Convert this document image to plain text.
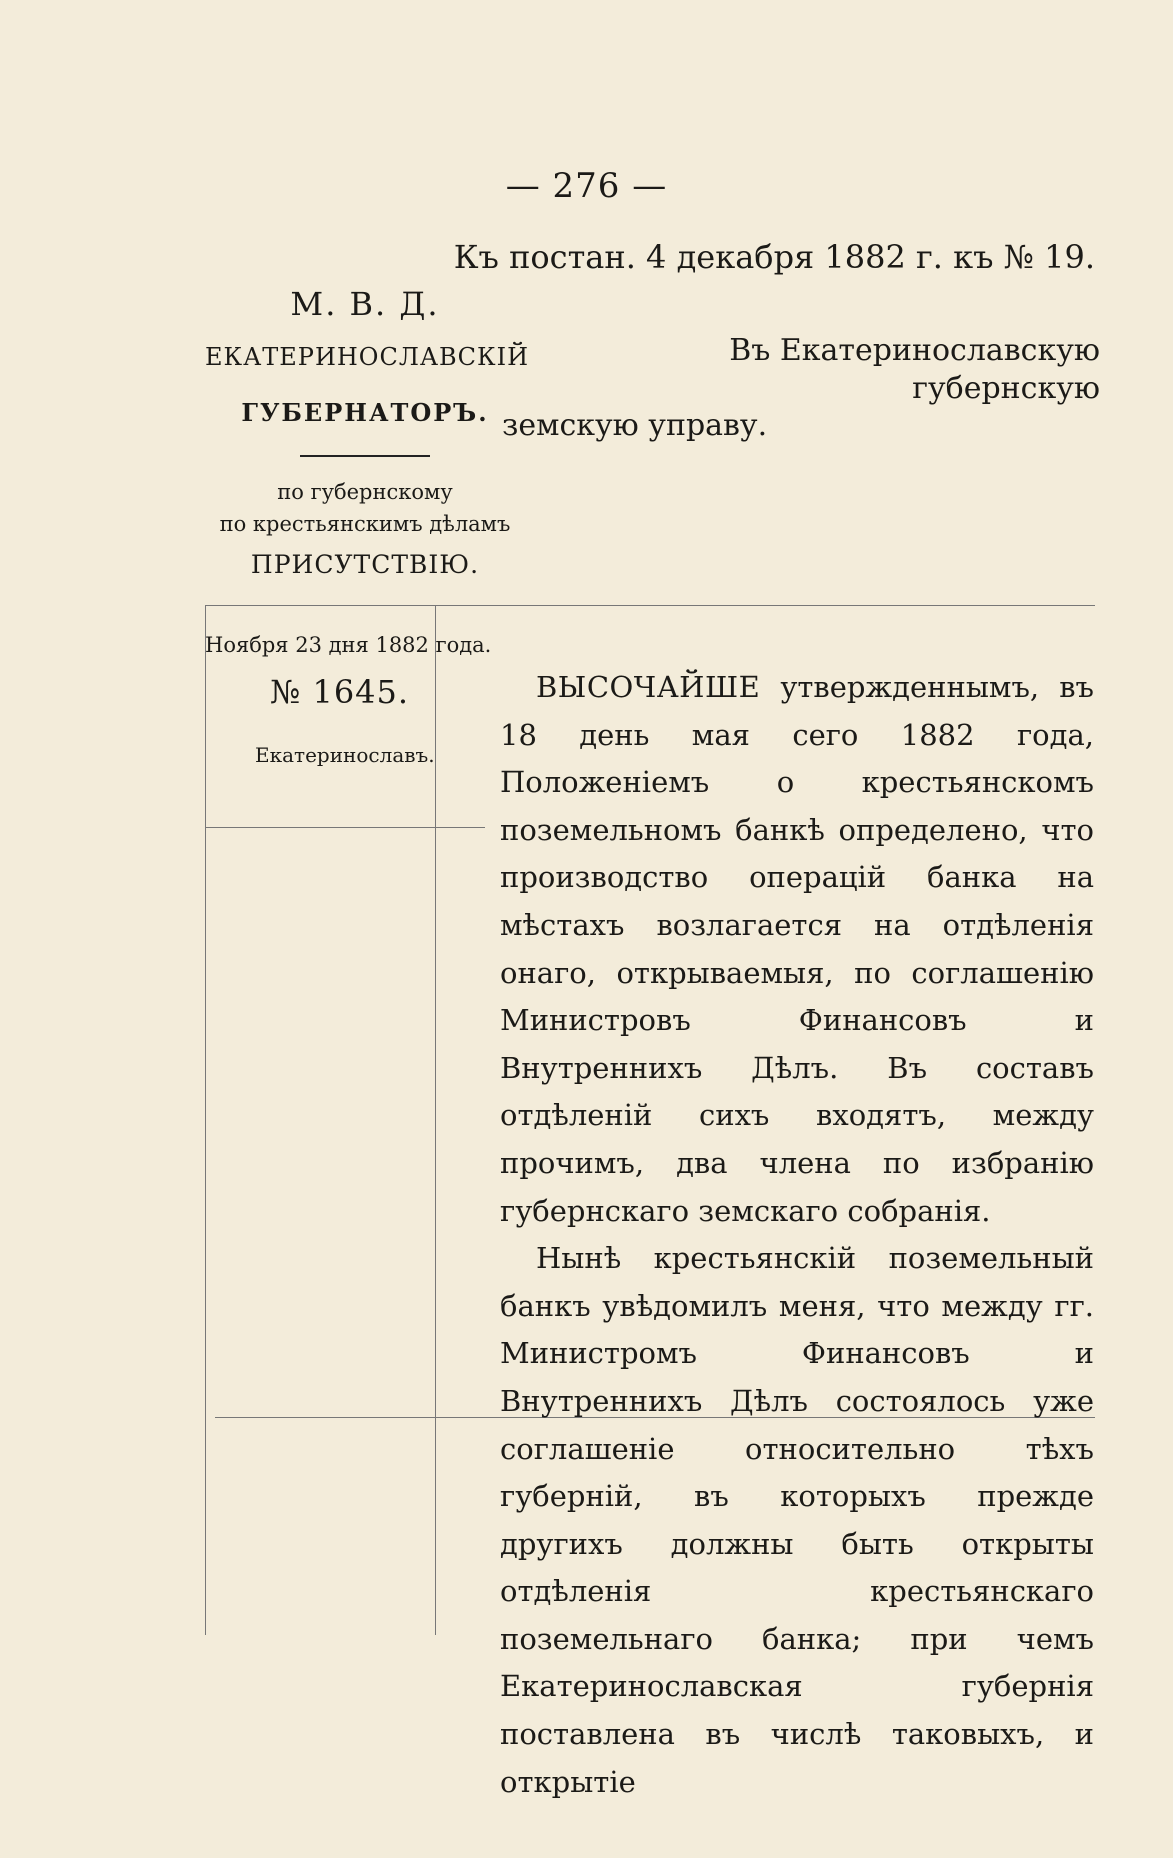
— 276 —
Къ постан. 4 декабря 1882 г. къ № 19.
М. В. Д.
ЕКАТЕРИНОСЛАВСКІЙ
ГУБЕРНАТОРЪ.
по губернскому
по крестьянскимъ дѣламъ
ПРИСУТСТВІЮ.
Въ Екатеринославскую губернскую
земскую управу.
Ноября 23 дня 1882 года.
№ 1645.
Екатеринославъ.

ВЫСОЧАЙШЕ утвержденнымъ, въ 18 день мая сего 1882 года, Положеніемъ о крестьянскомъ поземельномъ банкѣ определено, что производство операцій банка на мѣстахъ возлагается на отдѣленія онаго, открываемыя, по соглашенію Министровъ Финансовъ и Внутреннихъ Дѣлъ. Въ составъ отдѣленій сихъ входятъ, между прочимъ, два члена по избранію губернскаго земскаго собранія.

Нынѣ крестьянскій поземельный банкъ увѣдомилъ меня, что между гг. Министромъ Финансовъ и Внутреннихъ Дѣлъ состоялось уже соглашеніе относительно тѣхъ губерній, въ которыхъ прежде другихъ должны быть открыты отдѣленія крестьянскаго поземельнаго банка; при чемъ Екатеринославская губернія поставлена въ числѣ таковыхъ, и открытіе
